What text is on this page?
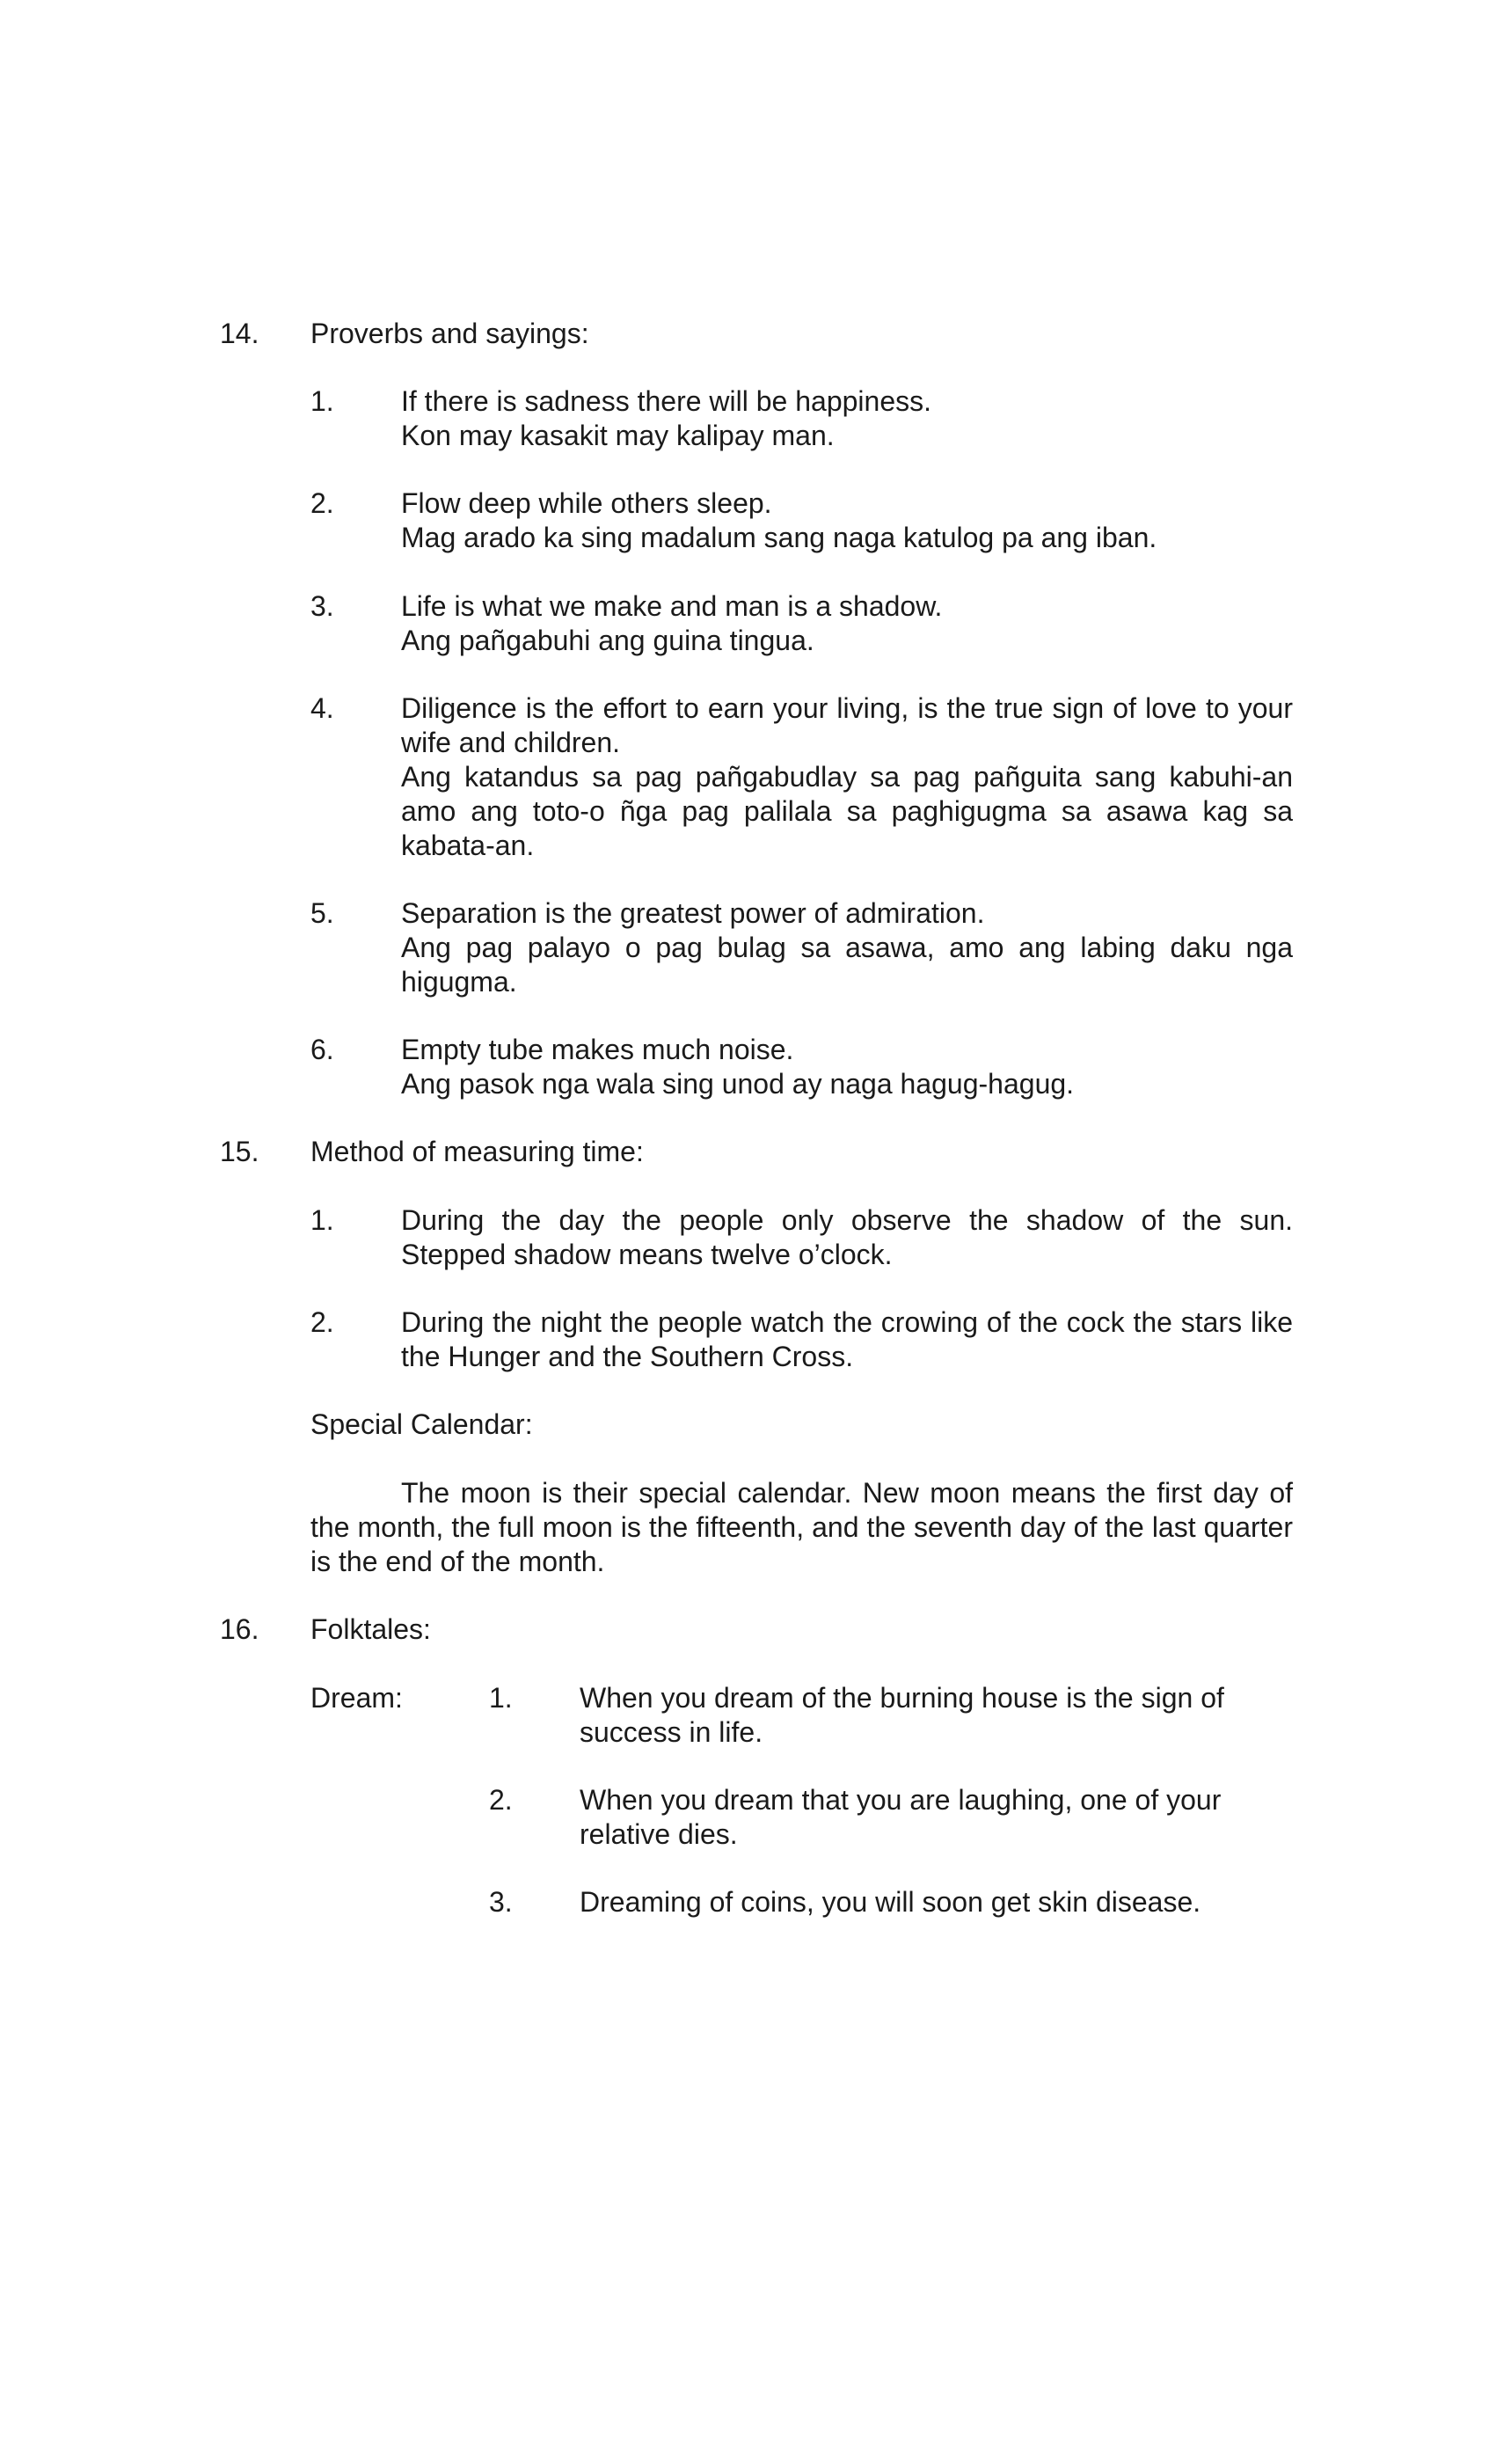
14. Proverbs and sayings:
1. If there is sadness there will be happiness.
Kon may kasakit may kalipay man.
2. Flow deep while others sleep.
Mag arado ka sing madalum sang naga katulog pa ang iban.
3. Life is what we make and man is a shadow.
Ang pañgabuhi ang guina tingua.
4. Diligence is the effort to earn your living, is the true sign of love to your wife and children.
Ang katandus sa pag pañgabudlay sa pag pañguita sang kabuhi-an amo ang toto-o ñga pag palilala sa paghigugma sa asawa kag sa kabata-an.
5. Separation is the greatest power of admiration.
Ang pag palayo o pag bulag sa asawa, amo ang labing daku nga higugma.
6. Empty tube makes much noise.
Ang pasok nga wala sing unod ay naga hagug-hagug.
15. Method of measuring time:
1. During the day the people only observe the shadow of the sun. Stepped shadow means twelve o’clock.
2. During the night the people watch the crowing of the cock the stars like the Hunger and the Southern Cross.
Special Calendar:
The moon is their special calendar. New moon means the first day of the month, the full moon is the fifteenth, and the seventh day of the last quarter is the end of the month.
16. Folktales:
Dream:	1. When you dream of the burning house is the sign of success in life.
2. When you dream that you are laughing, one of your relative dies.
3. Dreaming of coins, you will soon get skin disease.
